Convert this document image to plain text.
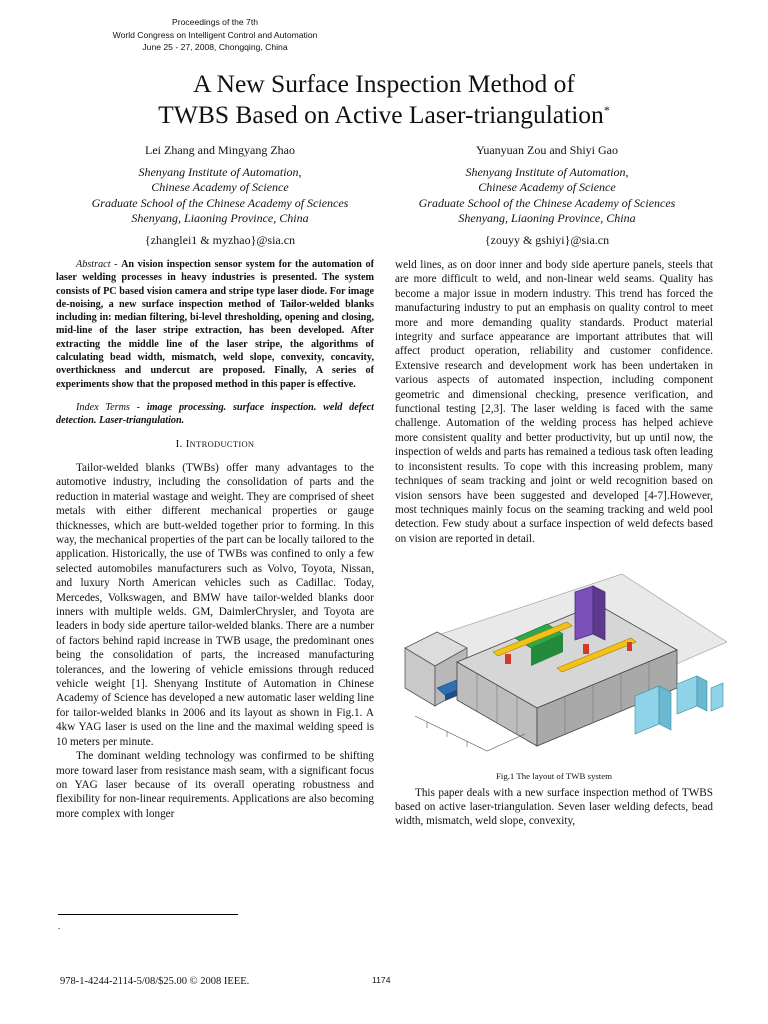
Proceedings of the 7th
World Congress on Intelligent Control and Automation
June 25 - 27, 2008, Chongqing, China
A New Surface Inspection Method of
TWBS Based on Active Laser-triangulation*
Lei Zhang and Mingyang Zhao
Shenyang Institute of Automation,
Chinese Academy of Science
Graduate School of the Chinese Academy of Sciences
Shenyang, Liaoning Province, China
{zhanglei1 & myzhao}@sia.cn
Yuanyuan Zou and Shiyi Gao
Shenyang Institute of Automation,
Chinese Academy of Science
Graduate School of the Chinese Academy of Sciences
Shenyang, Liaoning Province, China
{zouyy & gshiyi}@sia.cn

Abstract - An vision inspection sensor system for the automation of laser welding processes in heavy industries is presented. The system consists of PC based vision camera and stripe type laser diode. For image de-noising, a new surface inspection method of Tailor-welded blanks including in: median filtering, bi-level thresholding, opening and closing, mid-line of the laser stripe extraction, has been developed. After extracting the middle line of the laser stripe, the algorithms of calculating bead width, mismatch, weld slope, convexity, concavity, overthickness and undercut are proposed. Finally, A series of experiments show that the proposed method in this paper is effective.

Index Terms - image processing. surface inspection. weld defect detection. Laser-triangulation.

I. INTRODUCTION

Tailor-welded blanks (TWBs) offer many advantages to the automotive industry, including the consolidation of parts and the reduction in material wastage and weight. They are comprised of sheet metals with either different mechanical properties or gauge thicknesses, which are butt-welded together prior to forming. In this way, the mechanical properties of the part can be locally tailored to the application. Historically, the use of TWBs was confined to only a few selected automobiles manufacturers such as Volvo, Toyota, Nissan, and luxury North American vehicles such as Cadillac. Today, Mercedes, Volkswagen, and BMW have tailor-welded blanks door inners with multiple welds. GM, DaimlerChrysler, and Toyota are leaders in body side aperture tailor-welded blanks. There are a number of factors behind rapid increase in TWB usage, the predominant ones being the consolidation of parts, the increased manufacturing tolerances, and the lowering of vehicle emissions through reduced vehicle weight [1]. Shenyang Institute of Automation in Chinese Academy of Science has developed a new automatic laser welding line for tailor-welded blanks in 2006 and its layout as shown in Fig.1. A 4kw YAG laser is used on the line and the maximal welding speed is 10 meters per minute.

The dominant welding technology was confirmed to be shifting more toward laser from resistance mash seam, with a significant focus on YAG laser because of its overall operating robustness and flexibility for non-linear requirements. Applications are also becoming more complex with longer

weld lines, as on door inner and body side aperture panels, steels that are more difficult to weld, and non-linear weld seams. Quality has become a major issue in modern industry. This trend has forced the manufacturing industry to put an emphasis on quality control to meet more and more demanding quality standards. Product material integrity and surface appearance are important attributes that will affect product operation, reliability and customer confidence. Extensive research and development work has been undertaken in various aspects of automated inspection, including component geometric and dimensional checking, presence verification, and functional testing [2,3]. The laser welding is faced with the same challenge. Automation of the welding process has helped achieve more consistent quality and better productivity, but up until now, the inspection of welds and parts has remained a tedious task often leading to inconsistent results. To cope with this increasing problem, many techniques of seam tracking and joint or weld recognition based on vision sensors have been suggested and developed [4-7].However, most techniques mainly focus on the seaming tracking and weld pool detection. Few study about a surface inspection of weld defects based on vision are reported in detail.

Fig.1 The layout of TWB system

This paper deals with a new surface inspection method of TWBS based on active laser-triangulation. Seven laser welding defects, bead width, mismatch, weld slope, convexity,

.
978-1-4244-2114-5/08/$25.00 © 2008 IEEE.	1174
